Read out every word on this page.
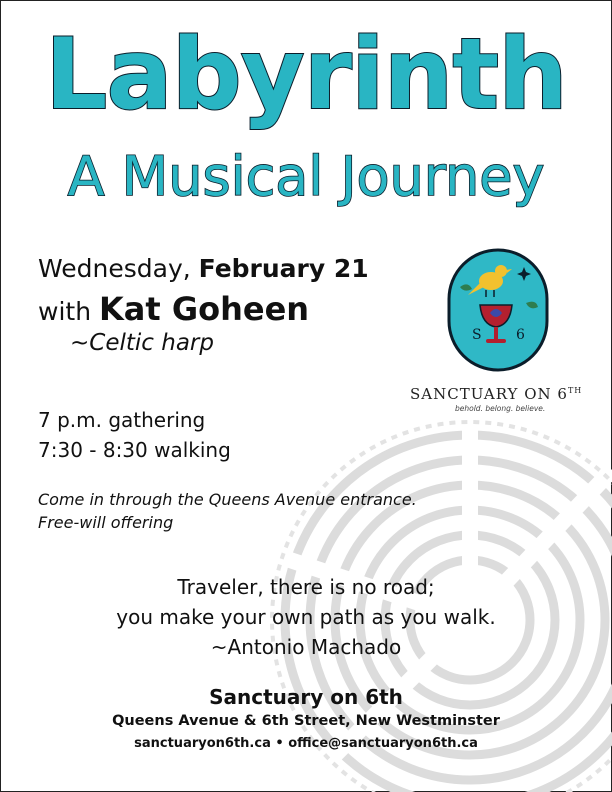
Labyrinth
A Musical Journey
Wednesday, February 21
with Kat Goheen
~Celtic harp
7 p.m. gathering
7:30 - 8:30 walking
Come in through the Queens Avenue entrance.
Free-will offering
Traveler, there is no road;
you make your own path as you walk.
~Antonio Machado
S 6
SANCTUARY ON 6TH
behold. belong. believe.
Sanctuary on 6th
Queens Avenue & 6th Street, New Westminster
sanctuaryon6th.ca • office@sanctuaryon6th.ca
